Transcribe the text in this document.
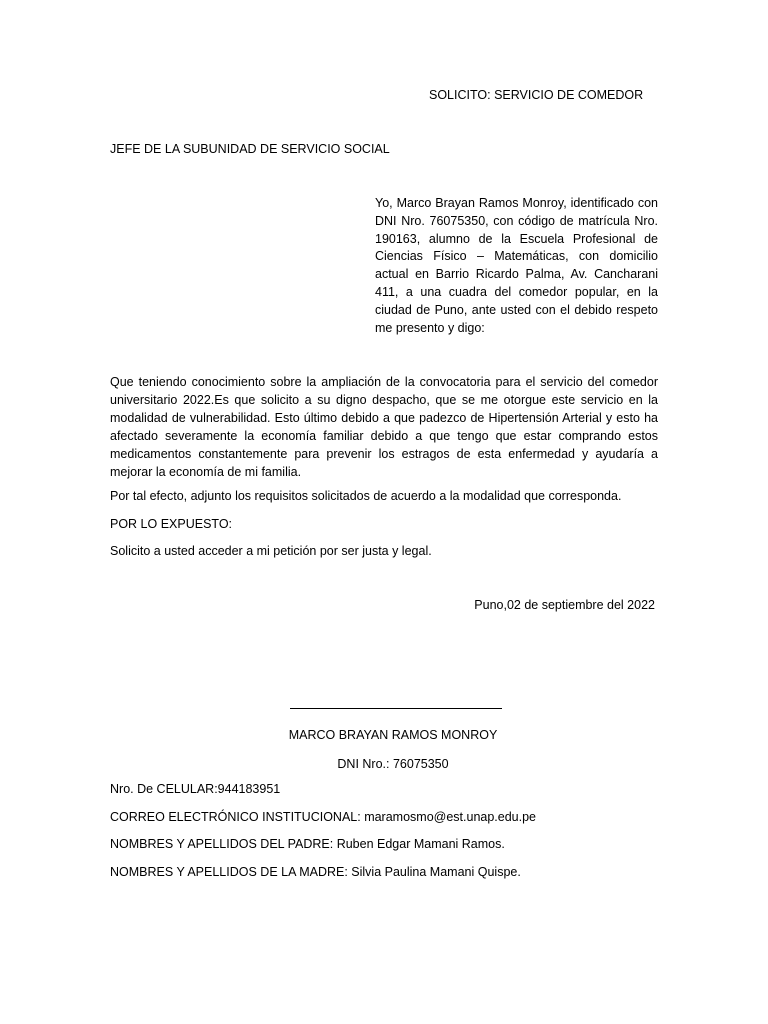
SOLICITO: SERVICIO DE COMEDOR
JEFE DE LA SUBUNIDAD DE SERVICIO SOCIAL
Yo, Marco Brayan Ramos Monroy, identificado con DNI Nro. 76075350, con código de matrícula Nro. 190163, alumno de la Escuela Profesional de Ciencias Físico – Matemáticas, con domicilio actual en Barrio Ricardo Palma, Av. Cancharani 411, a una cuadra del comedor popular, en la ciudad de Puno, ante usted con el debido respeto me presento y digo:
Que teniendo conocimiento sobre la ampliación de la convocatoria para el servicio del comedor universitario 2022.Es que solicito a su digno despacho, que se me otorgue este servicio en la modalidad de vulnerabilidad. Esto último debido a que padezco de Hipertensión Arterial y esto ha afectado severamente la economía familiar debido a que tengo que estar comprando estos medicamentos constantemente para prevenir los estragos de esta enfermedad y ayudaría a mejorar la economía de mi familia.
Por tal efecto, adjunto los requisitos solicitados de acuerdo a la modalidad que corresponda.
POR LO EXPUESTO:
Solicito a usted acceder a mi petición por ser justa y legal.
Puno,02 de septiembre del 2022
MARCO BRAYAN RAMOS MONROY
DNI Nro.: 76075350
Nro. De CELULAR:944183951
CORREO ELECTRÓNICO INSTITUCIONAL: maramosmo@est.unap.edu.pe
NOMBRES Y APELLIDOS DEL PADRE: Ruben Edgar Mamani Ramos.
NOMBRES Y APELLIDOS DE LA MADRE: Silvia Paulina Mamani Quispe.
